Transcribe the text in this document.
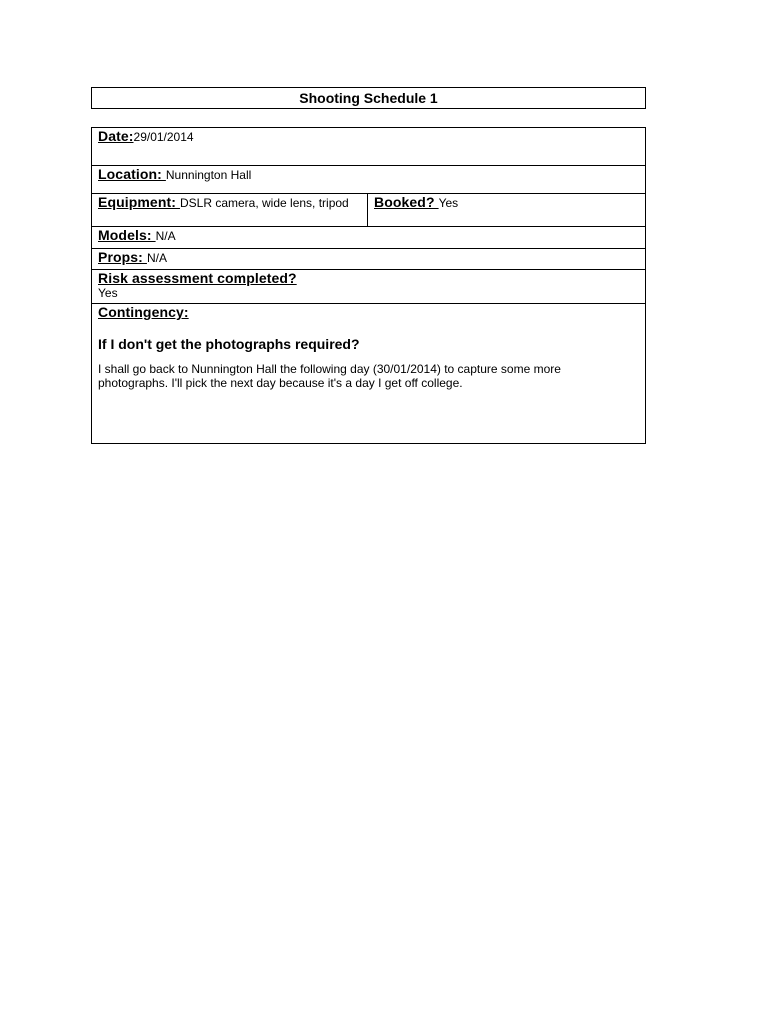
Shooting Schedule 1
Date:29/01/2014
Location: Nunnington Hall
Equipment: DSLR camera, wide lens, tripod	Booked? Yes
Models: N/A
Props: N/A
Risk assessment completed?
Yes
Contingency:
If I don't get the photographs required?
I shall go back to Nunnington Hall the following day (30/01/2014) to capture some more photographs. I'll pick the next day because it's a day I get off college.
